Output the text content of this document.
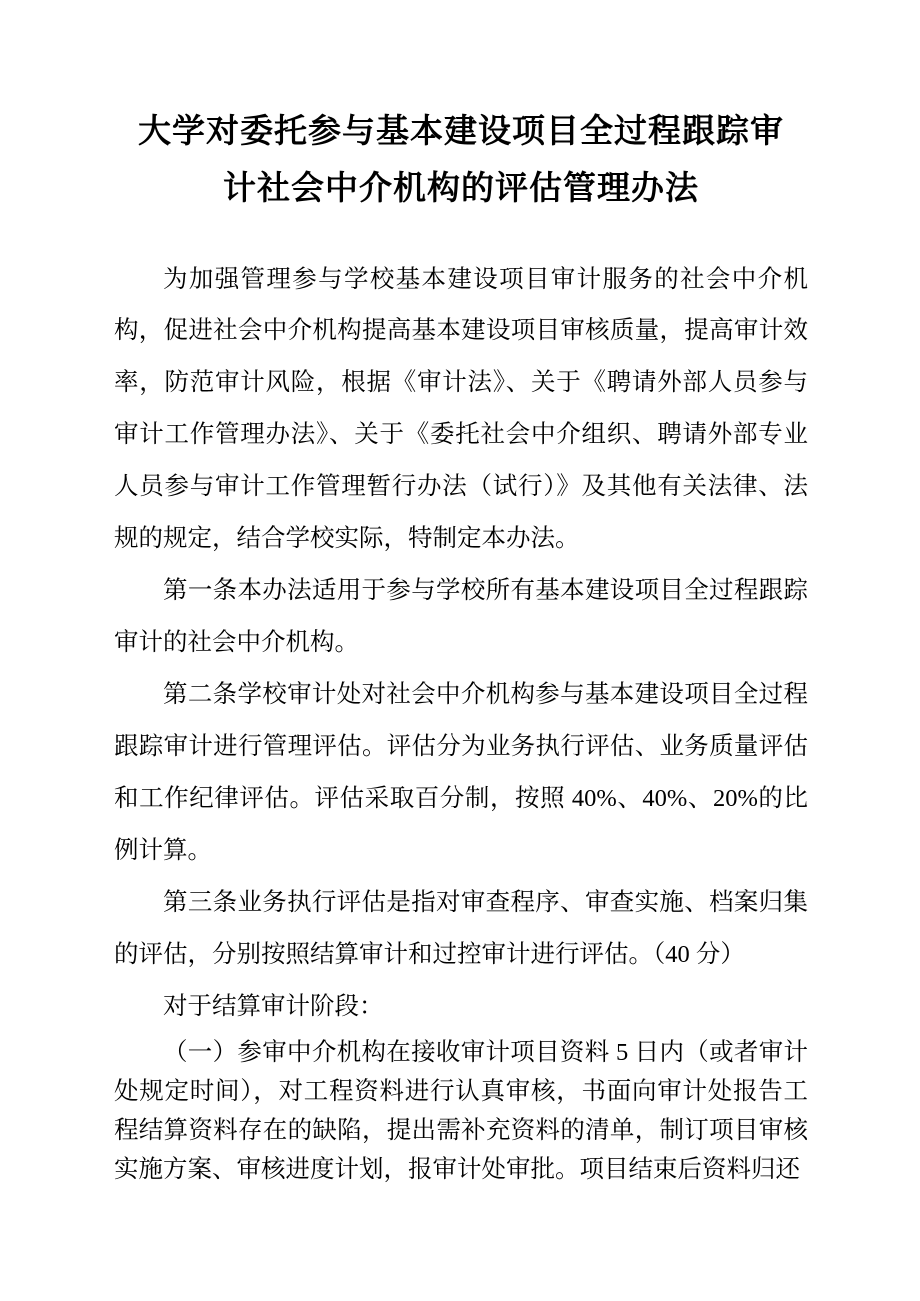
大学对委托参与基本建设项目全过程跟踪审
计社会中介机构的评估管理办法

为加强管理参与学校基本建设项目审计服务的社会中介机构，促进社会中介机构提高基本建设项目审核质量，提高审计效率，防范审计风险，根据《审计法》、关于《聘请外部人员参与审计工作管理办法》、关于《委托社会中介组织、聘请外部专业人员参与审计工作管理暂行办法（试行）》及其他有关法律、法规的规定，结合学校实际，特制定本办法。

第一条本办法适用于参与学校所有基本建设项目全过程跟踪审计的社会中介机构。

第二条学校审计处对社会中介机构参与基本建设项目全过程跟踪审计进行管理评估。评估分为业务执行评估、业务质量评估和工作纪律评估。评估采取百分制，按照 40%、40%、20%的比例计算。

第三条业务执行评估是指对审查程序、审查实施、档案归集的评估，分别按照结算审计和过控审计进行评估。（40 分）

对于结算审计阶段：

（一）参审中介机构在接收审计项目资料 5 日内（或者审计处规定时间），对工程资料进行认真审核，书面向审计处报告工程结算资料存在的缺陷，提出需补充资料的清单，制订项目审核实施方案、审核进度计划，报审计处审批。项目结束后资料归还
